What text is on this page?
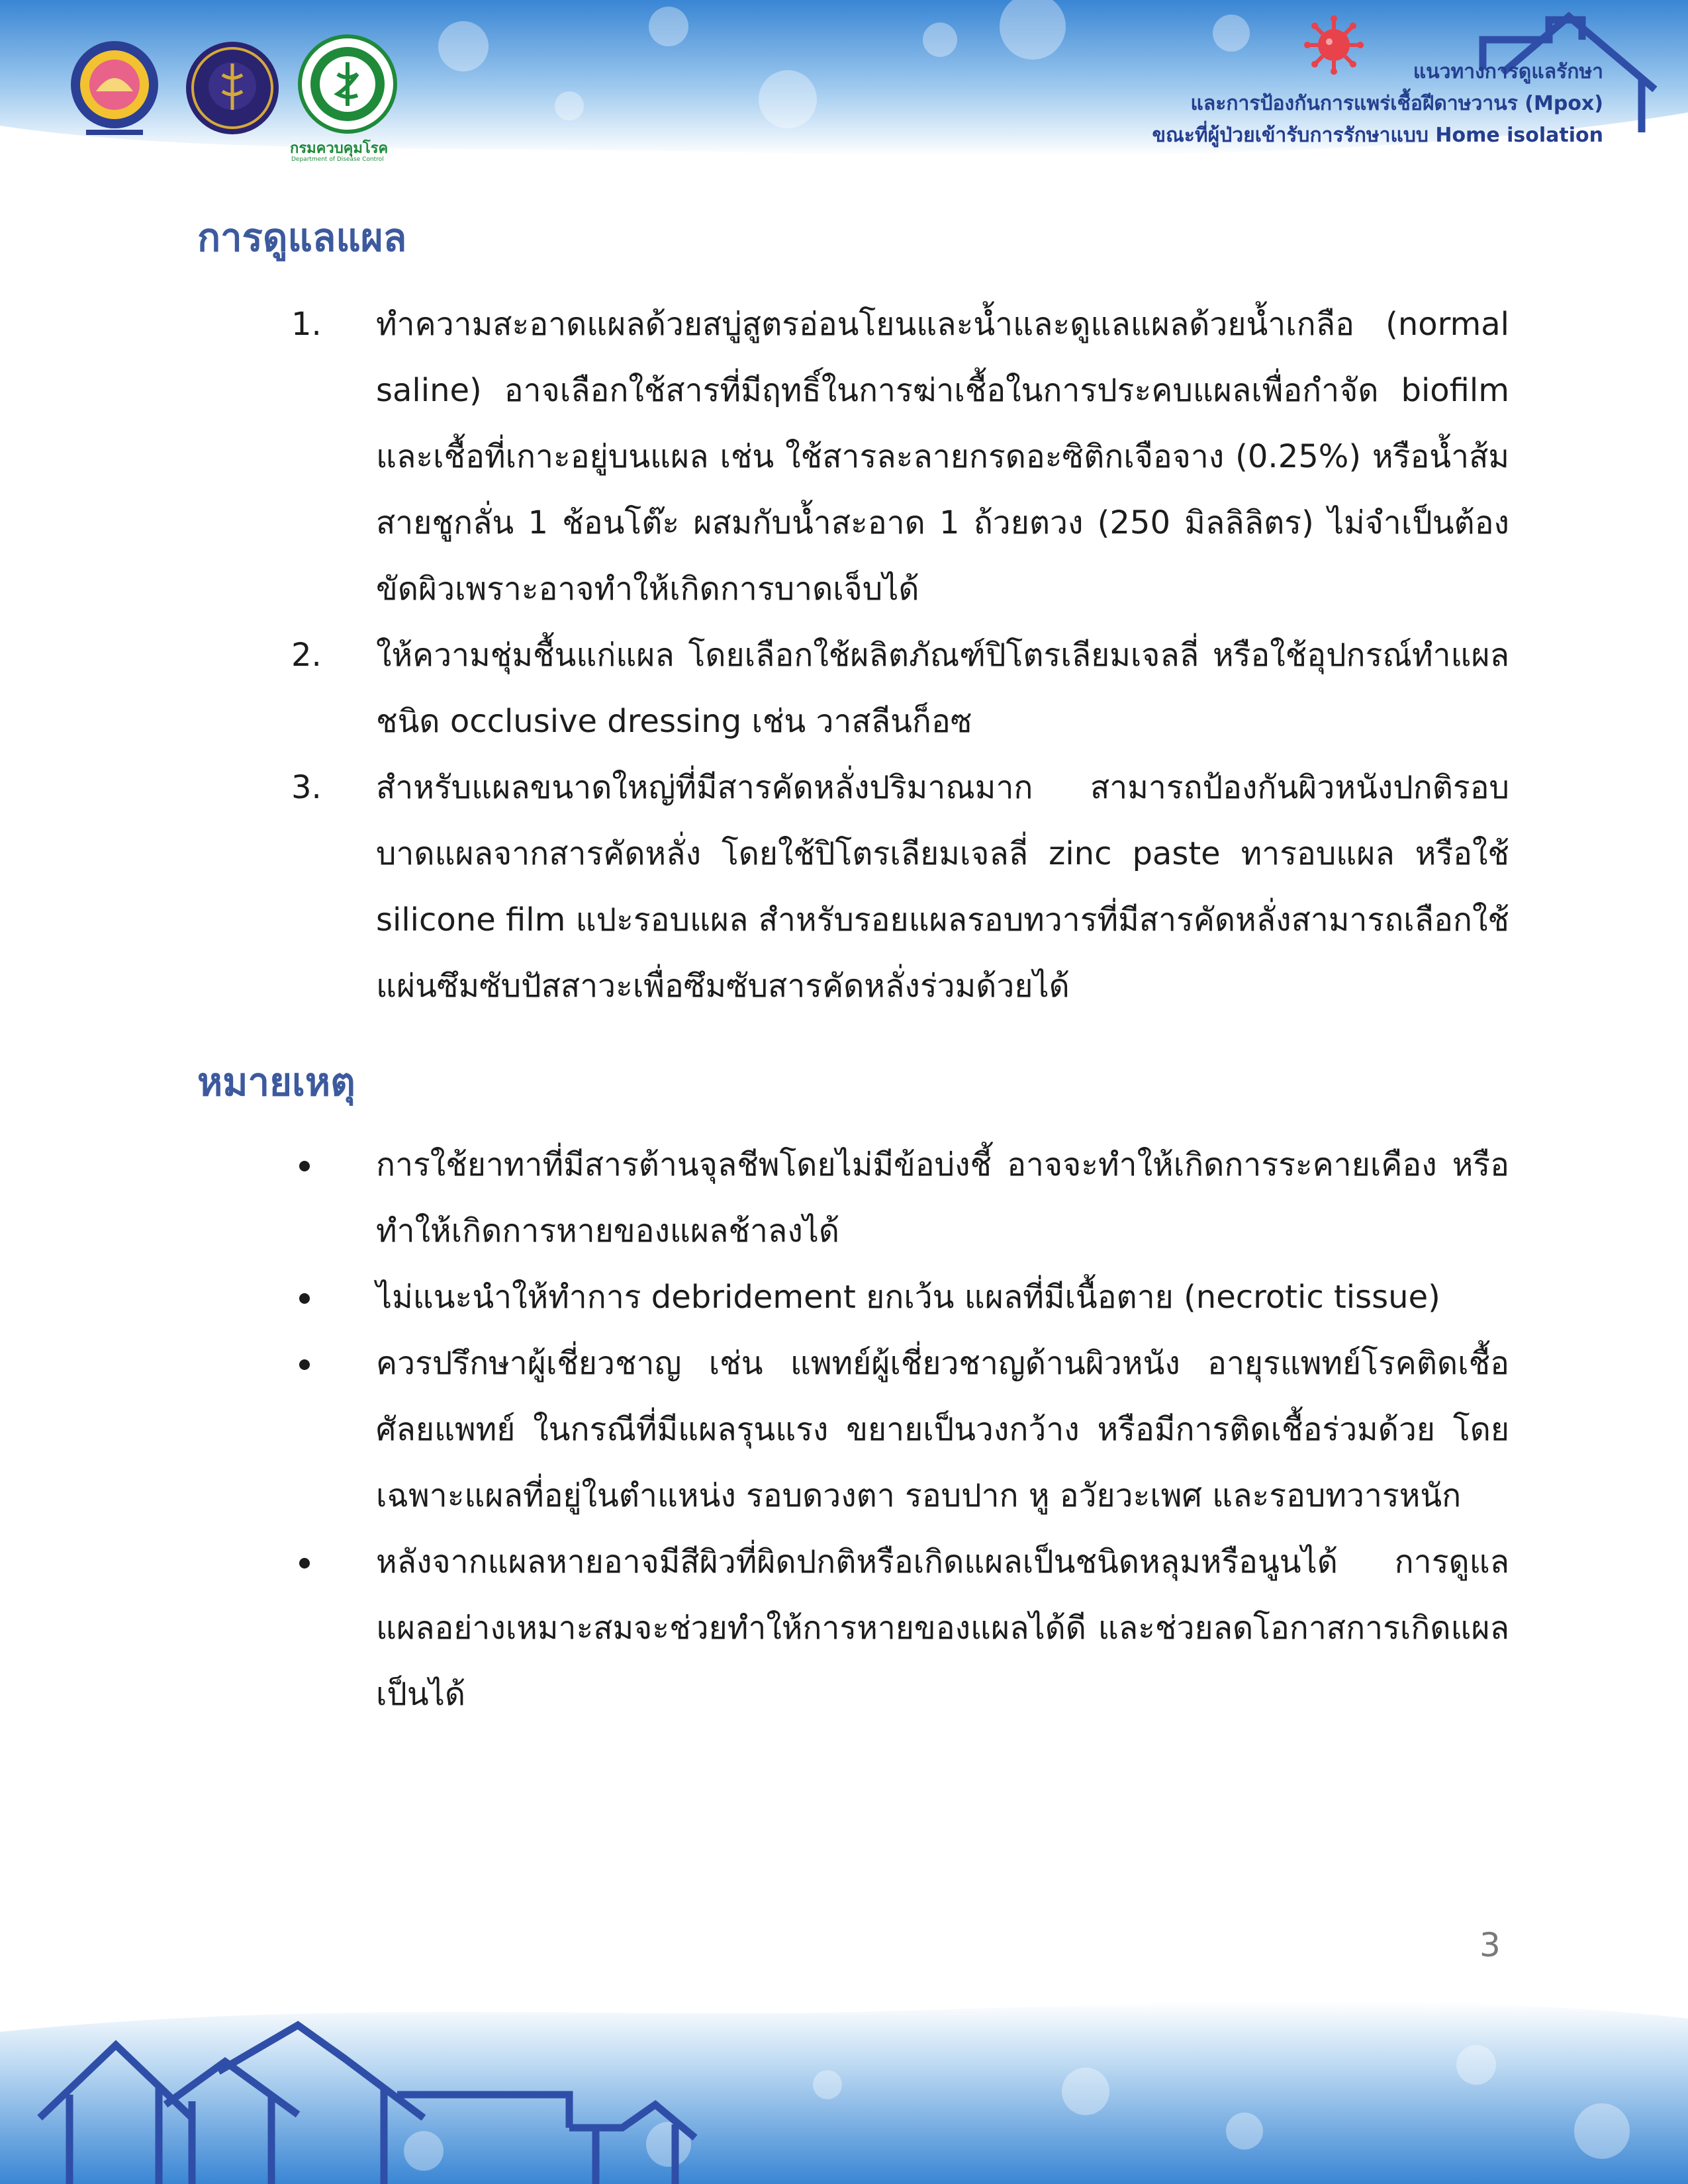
กรมควบคุมโรค
Department of Disease Control
แนวทางการดูแลรักษา
และการป้องกันการแพร่เชื้อฝีดาษวานร (Mpox)
ขณะที่ผู้ป่วยเข้ารับการรักษาแบบ Home isolation
การดูแลแผล
1.	ทำความสะอาดแผลด้วยสบู่สูตรอ่อนโยนและน้ำและดูแลแผลด้วยน้ำเกลือ (normal saline) อาจเลือกใช้สารที่มีฤทธิ์ในการฆ่าเชื้อในการประคบแผลเพื่อกำจัด biofilm และเชื้อที่เกาะอยู่บนแผล เช่น ใช้สารละลายกรดอะซิติกเจือจาง (0.25%) หรือน้ำส้มสายชูกลั่น 1 ช้อนโต๊ะ ผสมกับน้ำสะอาด 1 ถ้วยตวง (250 มิลลิลิตร) ไม่จำเป็นต้องขัดผิวเพราะอาจทำให้เกิดการบาดเจ็บได้
2.	ให้ความชุ่มชื้นแก่แผล โดยเลือกใช้ผลิตภัณฑ์ปิโตรเลียมเจลลี่ หรือใช้อุปกรณ์ทำแผลชนิด occlusive dressing เช่น วาสลีนก็อซ
3.	สำหรับแผลขนาดใหญ่ที่มีสารคัดหลั่งปริมาณมาก สามารถป้องกันผิวหนังปกติรอบบาดแผลจากสารคัดหลั่ง โดยใช้ปิโตรเลียมเจลลี่ zinc paste ทารอบแผล หรือใช้ silicone film แปะรอบแผล สำหรับรอยแผลรอบทวารที่มีสารคัดหลั่งสามารถเลือกใช้แผ่นซึมซับปัสสาวะเพื่อซึมซับสารคัดหลั่งร่วมด้วยได้
หมายเหตุ
การใช้ยาทาที่มีสารต้านจุลชีพโดยไม่มีข้อบ่งชี้ อาจจะทำให้เกิดการระคายเคือง หรือ ทำให้เกิดการหายของแผลช้าลงได้
ไม่แนะนำให้ทำการ debridement ยกเว้น แผลที่มีเนื้อตาย (necrotic tissue)
ควรปรึกษาผู้เชี่ยวชาญ เช่น แพทย์ผู้เชี่ยวชาญด้านผิวหนัง อายุรแพทย์โรคติดเชื้อ ศัลยแพทย์ ในกรณีที่มีแผลรุนแรง ขยายเป็นวงกว้าง หรือมีการติดเชื้อร่วมด้วย โดยเฉพาะแผลที่อยู่ในตำแหน่ง รอบดวงตา รอบปาก หู อวัยวะเพศ และรอบทวารหนัก
หลังจากแผลหายอาจมีสีผิวที่ผิดปกติหรือเกิดแผลเป็นชนิดหลุมหรือนูนได้ การดูแลแผลอย่างเหมาะสมจะช่วยทำให้การหายของแผลได้ดี และช่วยลดโอกาสการเกิดแผลเป็นได้
3
